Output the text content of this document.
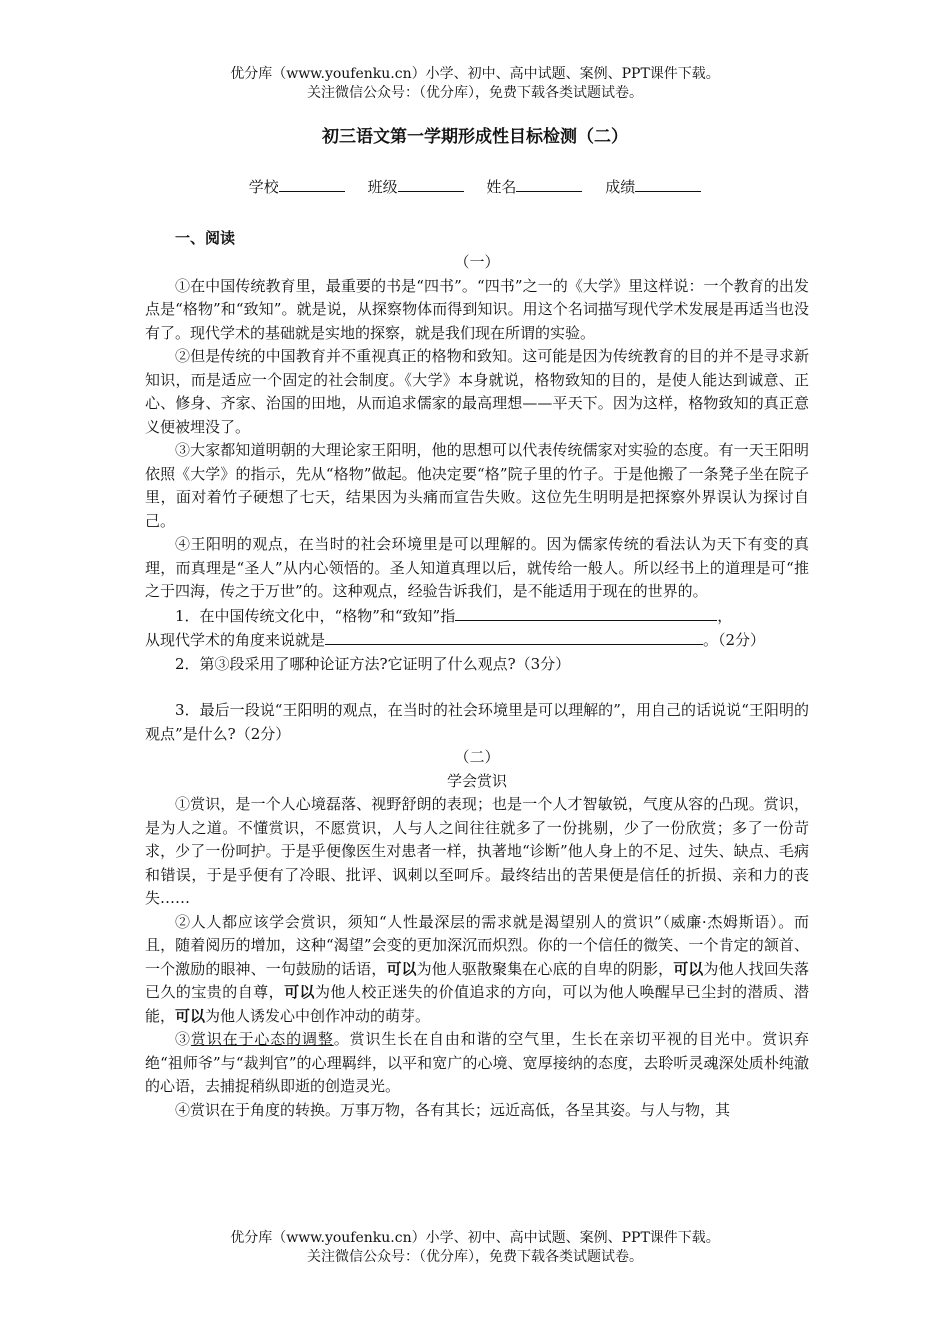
优分库（www.youfenku.cn）小学、初中、高中试题、案例、PPT课件下载。
关注微信公众号：（优分库），免费下载各类试题试卷。
初三语文第一学期形成性目标检测（二）
学校	班级	姓名	成绩
一、阅读
（一）

①在中国传统教育里，最重要的书是“四书”。“四书”之一的《大学》里这样说：一个教育的出发点是“格物”和“致知”。就是说，从探察物体而得到知识。用这个名词描写现代学术发展是再适当也没有了。现代学术的基础就是实地的探察，就是我们现在所谓的实验。

②但是传统的中国教育并不重视真正的格物和致知。这可能是因为传统教育的目的并不是寻求新知识，而是适应一个固定的社会制度。《大学》本身就说，格物致知的目的，是使人能达到诚意、正心、修身、齐家、治国的田地，从而追求儒家的最高理想——平天下。因为这样，格物致知的真正意义便被埋没了。

③大家都知道明朝的大理论家王阳明，他的思想可以代表传统儒家对实验的态度。有一天王阳明依照《大学》的指示，先从“格物”做起。他决定要“格”院子里的竹子。于是他搬了一条凳子坐在院子里，面对着竹子硬想了七天，结果因为头痛而宣告失败。这位先生明明是把探察外界误认为探讨自己。

④王阳明的观点，在当时的社会环境里是可以理解的。因为儒家传统的看法认为天下有变的真理，而真理是“圣人”从内心领悟的。圣人知道真理以后，就传给一般人。所以经书上的道理是可“推之于四海，传之于万世”的。这种观点，经验告诉我们，是不能适用于现在的世界的。

1．在中国传统文化中，“格物”和“致知”指	，

从现代学术的角度来说就是	。（2分）

2．第③段采用了哪种论证方法?它证明了什么观点?（3分）

3．最后一段说“王阳明的观点，在当时的社会环境里是可以理解的”，用自己的话说说“王阳明的观点”是什么?（2分）

（二）
学会赏识

①赏识，是一个人心境磊落、视野舒朗的表现；也是一个人才智敏锐，气度从容的凸现。赏识，是为人之道。不懂赏识，不愿赏识，人与人之间往往就多了一份挑剔，少了一份欣赏；多了一份苛求，少了一份呵护。于是乎便像医生对患者一样，执著地“诊断”他人身上的不足、过失、缺点、毛病和错误，于是乎便有了冷眼、批评、讽刺以至呵斥。最终结出的苦果便是信任的折损、亲和力的丧失……

②人人都应该学会赏识，须知“人性最深层的需求就是渴望别人的赏识”（威廉·杰姆斯语）。而且，随着阅历的增加，这种“渴望”会变的更加深沉而炽烈。你的一个信任的微笑、一个肯定的颔首、一个激励的眼神、一句鼓励的话语，可以为他人驱散聚集在心底的自卑的阴影，可以为他人找回失落已久的宝贵的自尊，可以为他人校正迷失的价值追求的方向，可以为他人唤醒早已尘封的潜质、潜能，可以为他人诱发心中创作冲动的萌芽。

③赏识在于心态的调整。赏识生长在自由和谐的空气里，生长在亲切平视的目光中。赏识弃绝“祖师爷”与“裁判官”的心理羁绊，以平和宽广的心境、宽厚接纳的态度，去聆听灵魂深处质朴纯澈的心语，去捕捉稍纵即逝的创造灵光。

④赏识在于角度的转换。万事万物，各有其长；远近高低，各呈其姿。与人与物，其

优分库（www.youfenku.cn）小学、初中、高中试题、案例、PPT课件下载。
关注微信公众号：（优分库），免费下载各类试题试卷。
